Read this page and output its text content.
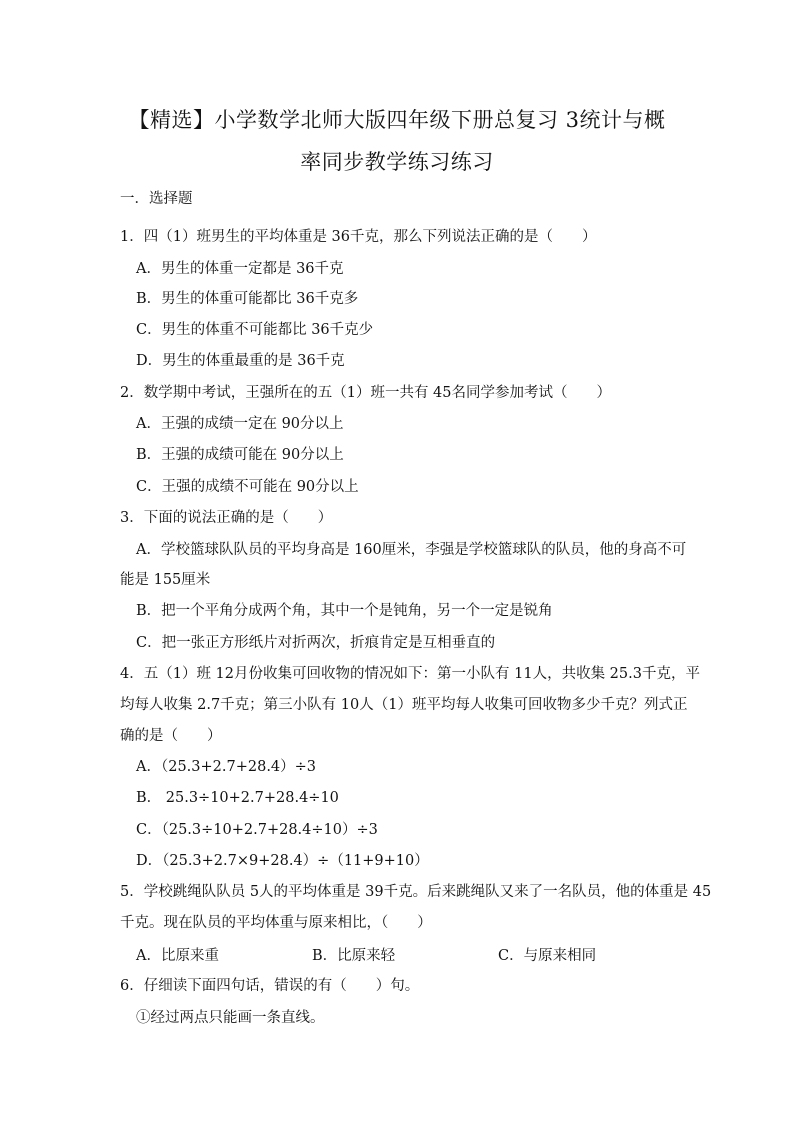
【精选】小学数学北师大版四年级下册总复习 3统计与概
率同步教学练习练习
一．选择题
1．四（1）班男生的平均体重是 36千克，那么下列说法正确的是（　　）
A．男生的体重一定都是 36千克
B．男生的体重可能都比 36千克多
C．男生的体重不可能都比 36千克少
D．男生的体重最重的是 36千克
2．数学期中考试，王强所在的五（1）班一共有 45名同学参加考试（　　）
A．王强的成绩一定在 90分以上
B．王强的成绩可能在 90分以上
C．王强的成绩不可能在 90分以上
3．下面的说法正确的是（　　）
A．学校篮球队队员的平均身高是 160厘米，李强是学校篮球队的队员，他的身高不可
能是 155厘米
B．把一个平角分成两个角，其中一个是钝角，另一个一定是锐角
C．把一张正方形纸片对折两次，折痕肯定是互相垂直的
4．五（1）班 12月份收集可回收物的情况如下：第一小队有 11人，共收集 25.3千克，平
均每人收集 2.7千克；第三小队有 10人（1）班平均每人收集可回收物多少千克？列式正
确的是（　　）
A．（25.3+2.7+28.4）÷3
B． 25.3÷10+2.7+28.4÷10
C．（25.3÷10+2.7+28.4÷10）÷3
D．（25.3+2.7×9+28.4）÷（11+9+10）
5．学校跳绳队队员 5人的平均体重是 39千克。后来跳绳队又来了一名队员，他的体重是 45
千克。现在队员的平均体重与原来相比，（　　）
A．比原来重	B．比原来轻	C．与原来相同
6．仔细读下面四句话，错误的有（　　）句。
①经过两点只能画一条直线。
